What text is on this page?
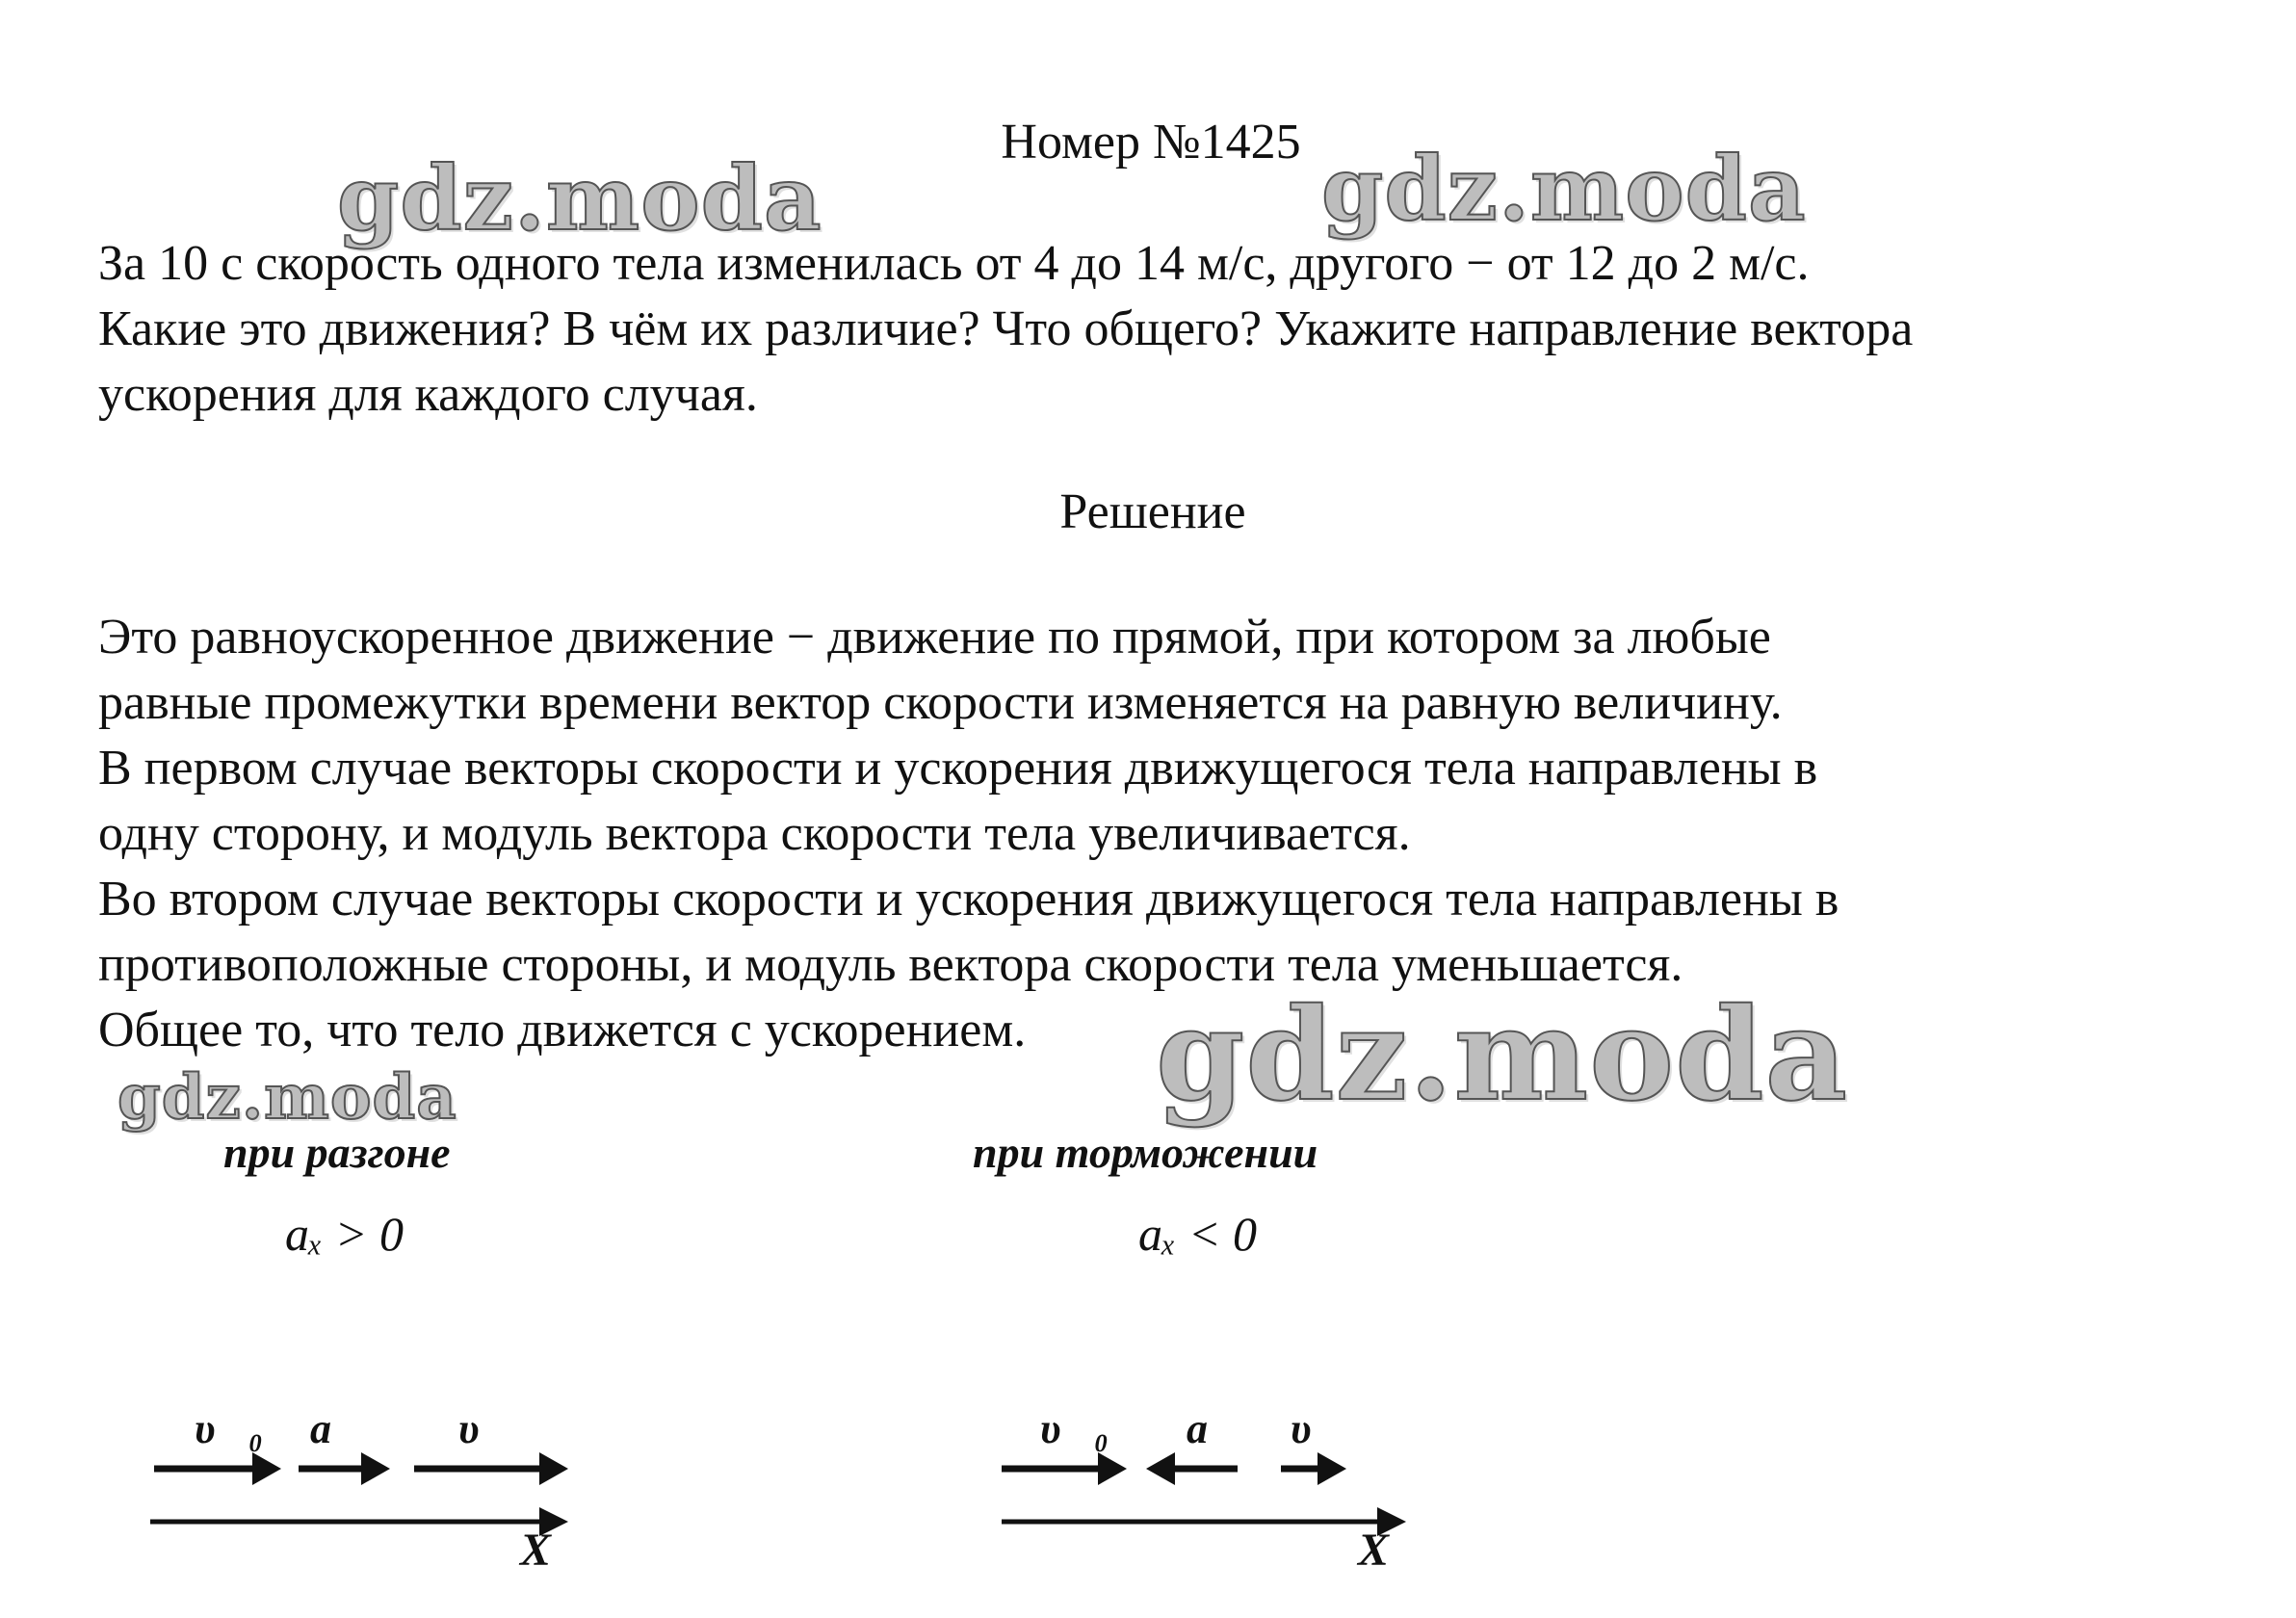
Номер №1425
gdz.moda	gdz.moda
За 10 с скорость одного тела изменилась от 4 до 14 м/с, другого − от 12 до 2 м/с.
Какие это движения? В чём их различие? Что общего? Укажите направление вектора
ускорения для каждого случая.
Решение
Это равноускоренное движение − движение по прямой, при котором за любые
равные промежутки времени вектор скорости изменяется на равную величину.
В первом случае векторы скорости и ускорения движущегося тела направлены в
одну сторону, и модуль вектора скорости тела увеличивается.
Во втором случае векторы скорости и ускорения движущегося тела направлены в
противоположные стороны, и модуль вектора скорости тела уменьшается.
Общее то, что тело движется с ускорением.
при разгоне
aₓ > 0
υ⃗₀ a⃗ υ⃗
X
при торможении
aₓ < 0
υ⃗₀ a⃗ υ⃗
X
gdz.moda
gdz.moda
